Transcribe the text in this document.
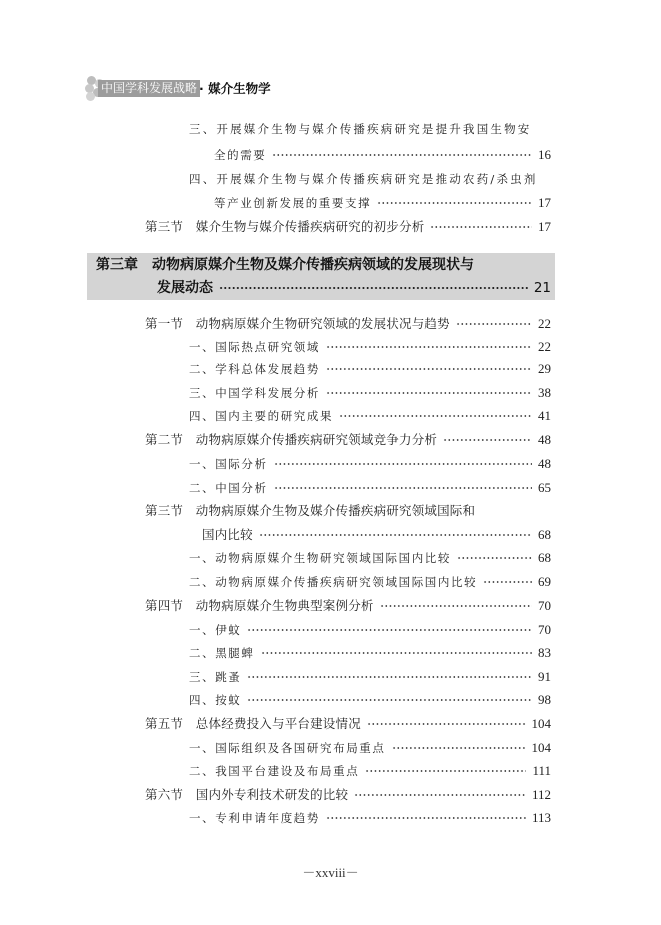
中国学科发展战略 · 媒介生物学
三、开展媒介生物与媒介传播疾病研究是提升我国生物安
全的需要	16
四、开展媒介生物与媒介传播疾病研究是推动农药/杀虫剂
等产业创新发展的重要支撑	17
第三节　媒介生物与媒介传播疾病研究的初步分析	17
第三章　动物病原媒介生物及媒介传播疾病领域的发展现状与
发展动态	21
第一节　动物病原媒介生物研究领域的发展状况与趋势	22
一、国际热点研究领域	22
二、学科总体发展趋势	29
三、中国学科发展分析	38
四、国内主要的研究成果	41
第二节　动物病原媒介传播疾病研究领域竞争力分析	48
一、国际分析	48
二、中国分析	65
第三节　动物病原媒介生物及媒介传播疾病研究领域国际和
国内比较	68
一、动物病原媒介生物研究领域国际国内比较	68
二、动物病原媒介传播疾病研究领域国际国内比较	69
第四节　动物病原媒介生物典型案例分析	70
一、伊蚊	70
二、黑腿蜱	83
三、跳蚤	91
四、按蚊	98
第五节　总体经费投入与平台建设情况	104
一、国际组织及各国研究布局重点	104
二、我国平台建设及布局重点	111
第六节　国内外专利技术研发的比较	112
一、专利申请年度趋势	113
－xxviii－
